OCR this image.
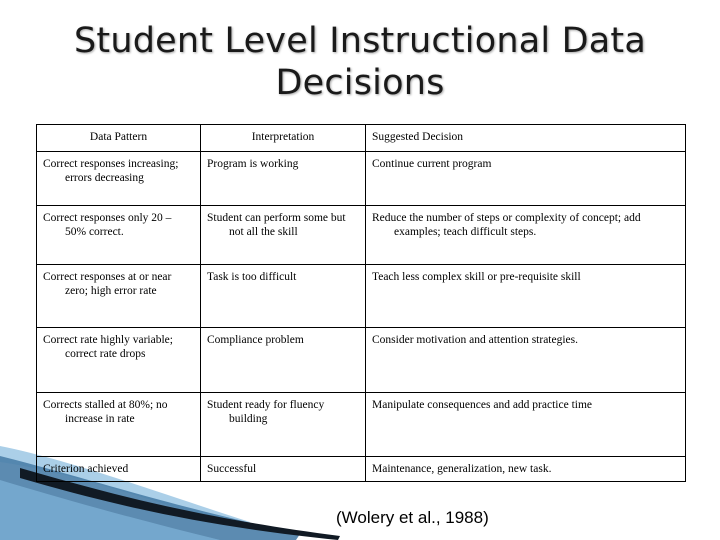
Student Level Instructional Data
Decisions
Data Pattern	Interpretation	Suggested Decision

Correct responses increasing; errors decreasing	Program is working	Continue current program

Correct responses only 20 – 50% correct.	Student can perform some but not all the skill	Reduce the number of steps or complexity of concept; add examples; teach difficult steps.

Correct responses at or near zero; high error rate	Task is too difficult	Teach less complex skill or pre-requisite skill

Correct rate highly variable; correct rate drops	Compliance problem	Consider motivation and attention strategies.

Corrects stalled at 80%; no increase in rate	Student ready for fluency building	Manipulate consequences and add practice time

Criterion achieved	Successful	Maintenance, generalization, new task.
(Wolery et al., 1988)
